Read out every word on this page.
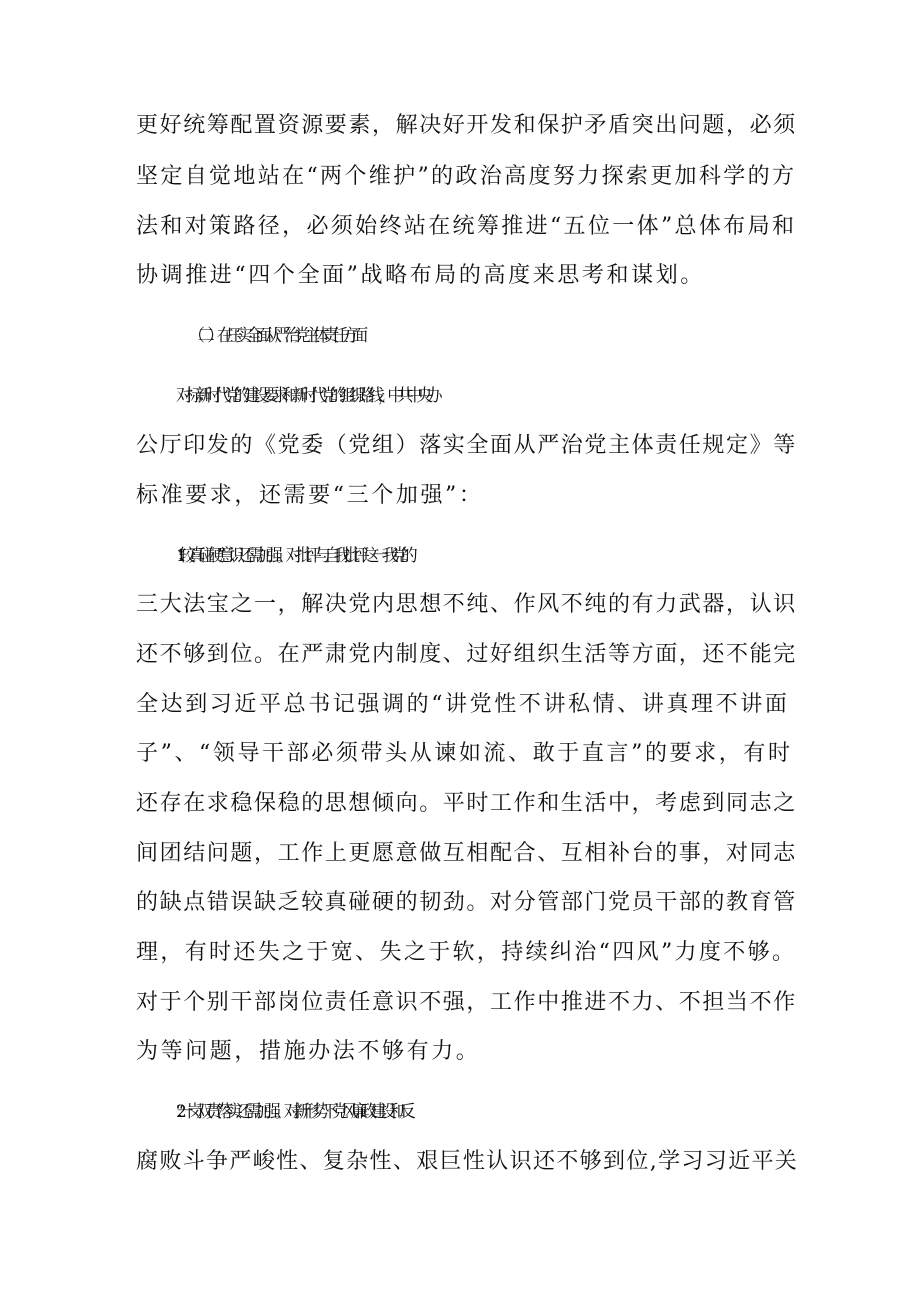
更好统筹配置资源要素，解决好开发和保护矛盾突出问题，必须
坚定自觉地站在“两个维护”的政治高度努力探索更加科学的方
法和对策路径，必须始终站在统筹推进“五位一体”总体布局和
协调推进“四个全面”战略布局的高度来思考和谋划。
（二）在压实全面从严治党主体责任方面
对标新时代党的建设要求和新时代党的组织路线，中共中央办
公厅印发的《党委（党组）落实全面从严治党主体责任规定》等
标准要求，还需要“三个加强”：
1.“较真碰硬”意识还需加强。对批评与自我批评这一我党的
三大法宝之一，解决党内思想不纯、作风不纯的有力武器，认识
还不够到位。在严肃党内制度、过好组织生活等方面，还不能完
全达到习近平总书记强调的“讲党性不讲私情、讲真理不讲面
子”、“领导干部必须带头从谏如流、敢于直言”的要求，有时
还存在求稳保稳的思想倾向。平时工作和生活中，考虑到同志之
间团结问题，工作上更愿意做互相配合、互相补台的事，对同志
的缺点错误缺乏较真碰硬的韧劲。对分管部门党员干部的教育管
理，有时还失之于宽、失之于软，持续纠治“四风”力度不够。
对于个别干部岗位责任意识不强，工作中推进不力、不担当不作
为等问题，措施办法不够有力。
2 .“一岗双责”落实还需加强。对新形势下党风廉政建设和反
腐败斗争严峻性、复杂性、艰巨性认识还不够到位,学习习近平关
